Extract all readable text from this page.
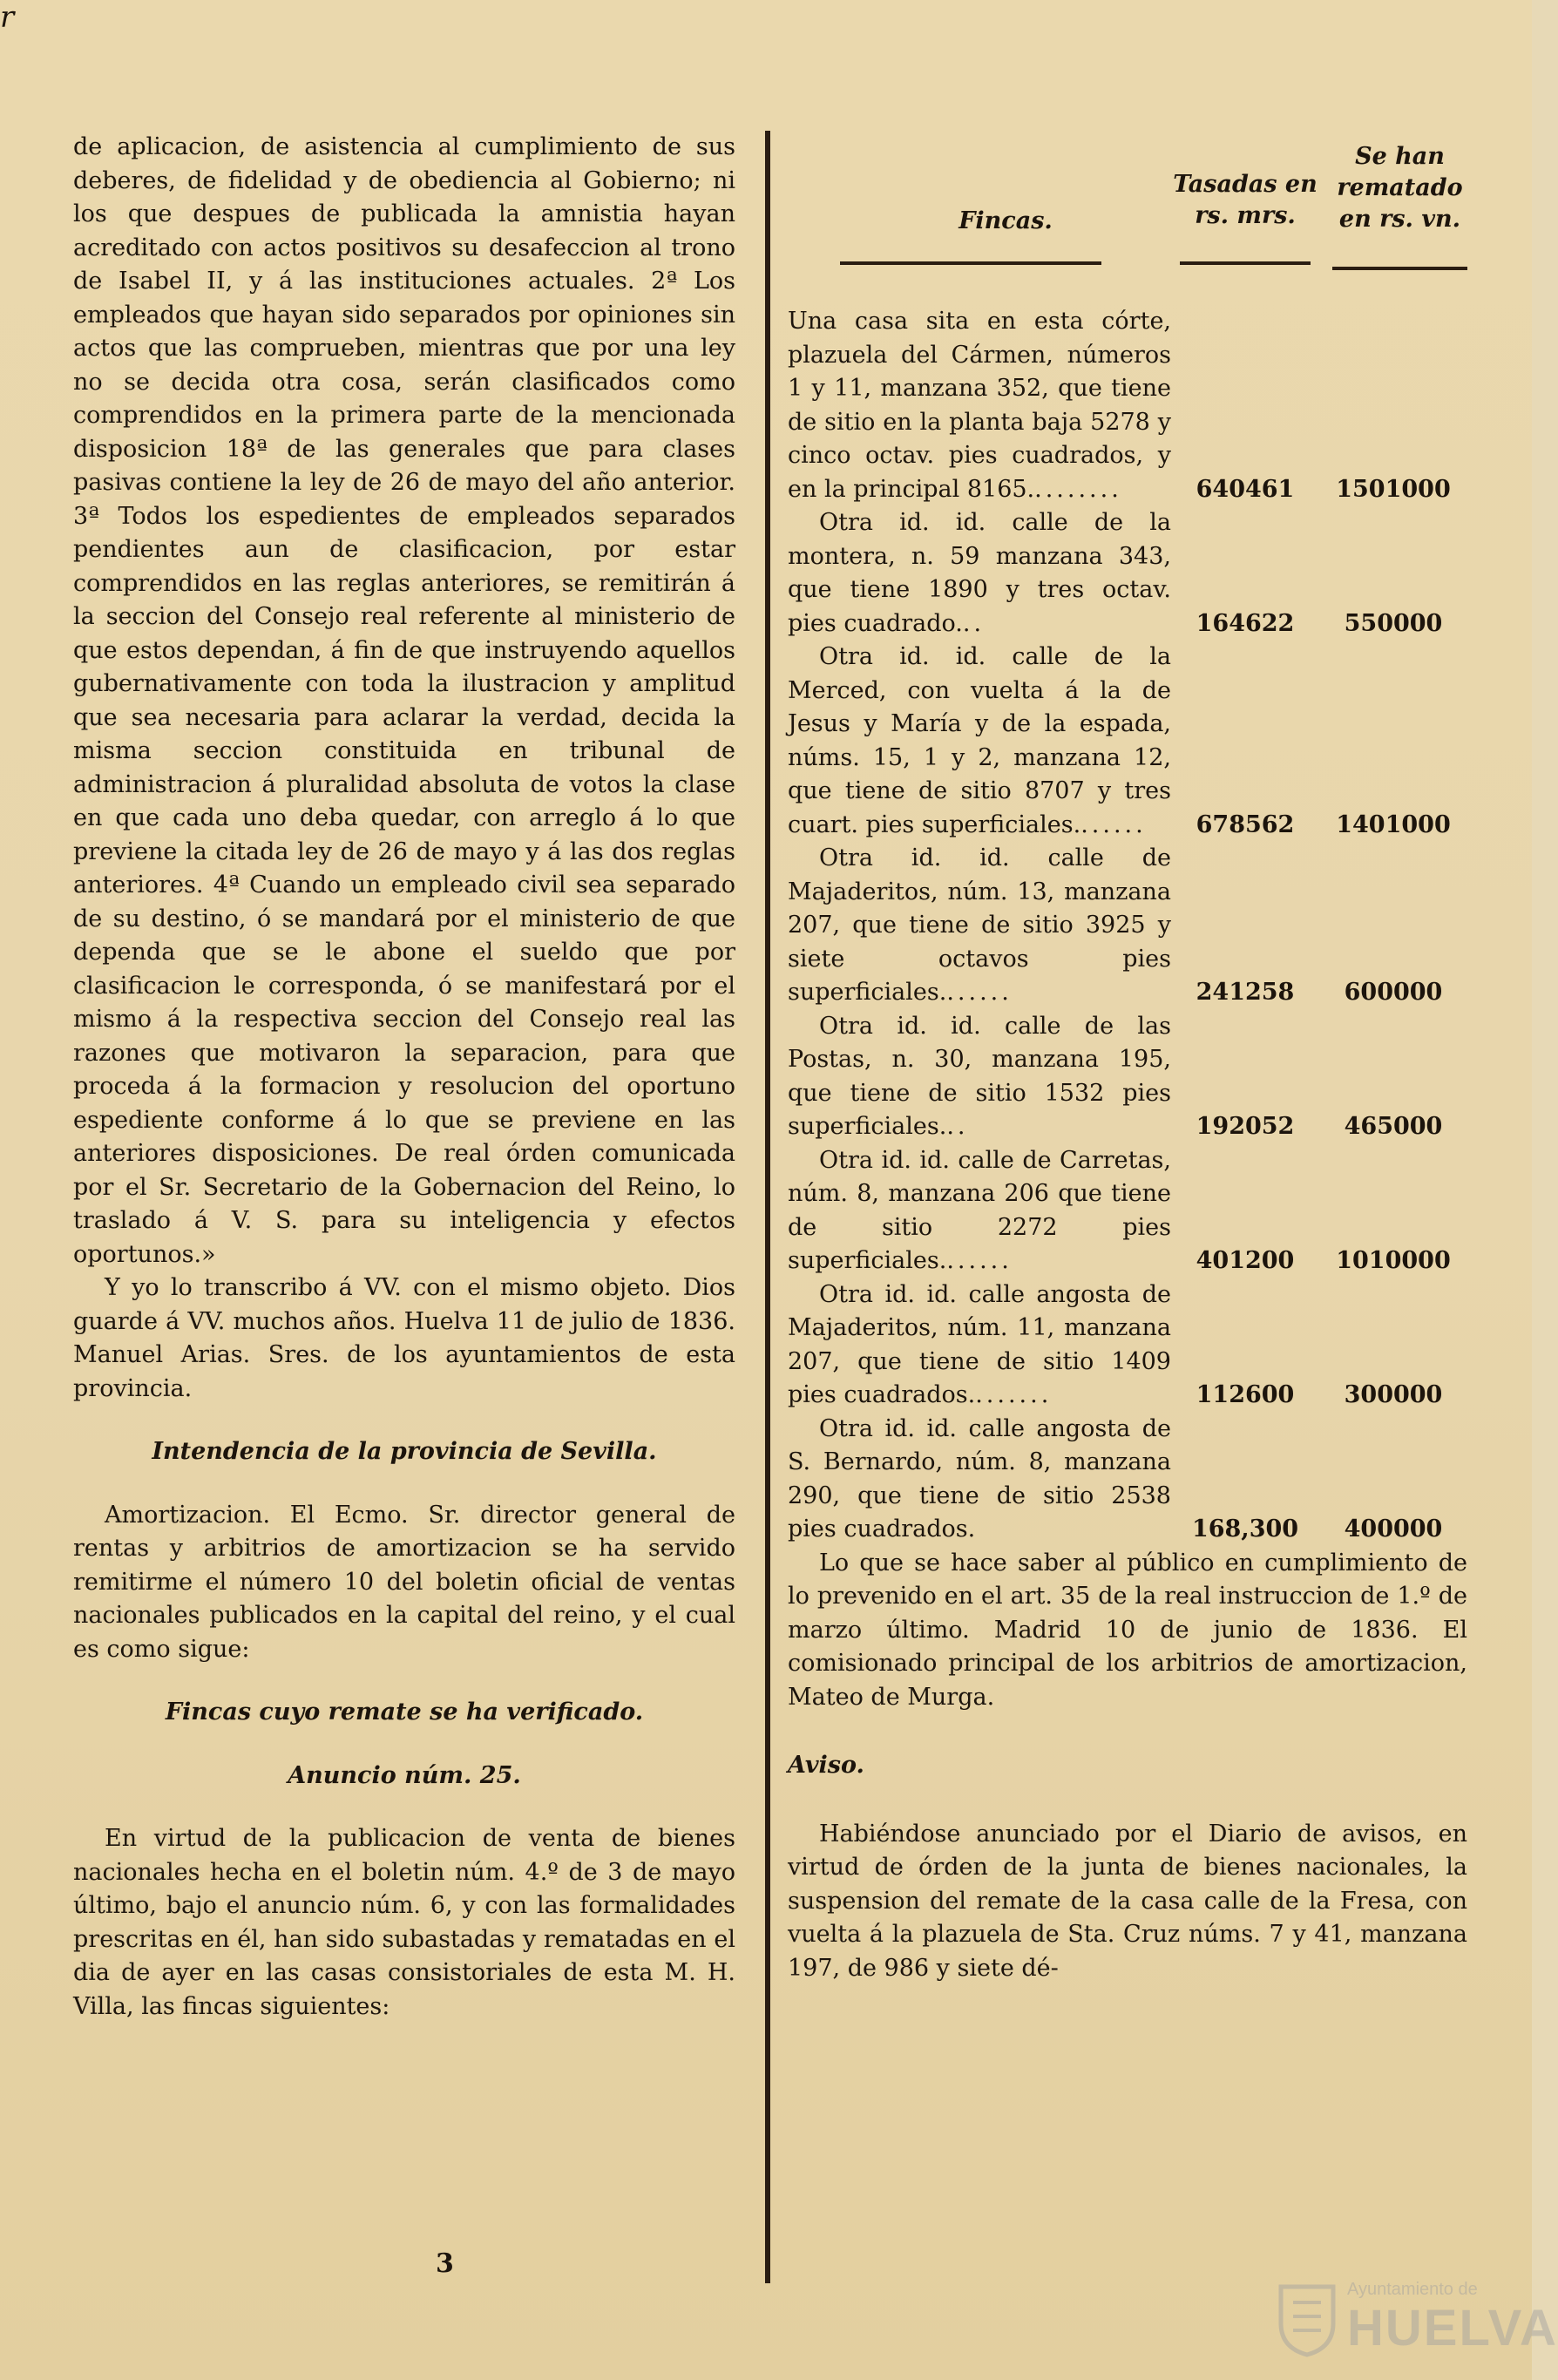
r

de aplicacion, de asistencia al cumplimiento de sus deberes, de fidelidad y de obediencia al Gobierno; ni los que despues de publicada la amnistia hayan acreditado con actos positivos su desafeccion al trono de Isabel II, y á las instituciones actuales. 2ª Los empleados que hayan sido separados por opiniones sin actos que las comprueben, mientras que por una ley no se decida otra cosa, serán clasificados como comprendidos en la primera parte de la mencionada disposicion 18ª de las generales que para clases pasivas contiene la ley de 26 de mayo del año anterior. 3ª Todos los espedientes de empleados separados pendientes aun de clasificacion, por estar comprendidos en las reglas anteriores, se remitirán á la seccion del Consejo real referente al ministerio de que estos dependan, á fin de que instruyendo aquellos gubernativamente con toda la ilustracion y amplitud que sea necesaria para aclarar la verdad, decida la misma seccion constituida en tribunal de administracion á pluralidad absoluta de votos la clase en que cada uno deba quedar, con arreglo á lo que previene la citada ley de 26 de mayo y á las dos reglas anteriores. 4ª Cuando un empleado civil sea separado de su destino, ó se mandará por el ministerio de que dependa que se le abone el sueldo que por clasificacion le corresponda, ó se manifestará por el mismo á la respectiva seccion del Consejo real las razones que motivaron la separacion, para que proceda á la formacion y resolucion del oportuno espediente conforme á lo que se previene en las anteriores disposiciones. De real órden comunicada por el Sr. Secretario de la Gobernacion del Reino, lo traslado á V. S. para su inteligencia y efectos oportunos.»

Y yo lo transcribo á VV. con el mismo objeto. Dios guarde á VV. muchos años. Huelva 11 de julio de 1836. Manuel Arias. Sres. de los ayuntamientos de esta provincia.

Intendencia de la provincia de Sevilla.

Amortizacion. El Ecmo. Sr. director general de rentas y arbitrios de amortizacion se ha servido remitirme el número 10 del boletin oficial de ventas nacionales publicados en la capital del reino, y el cual es como sigue:

Fincas cuyo remate se ha verificado.

Anuncio núm. 25.

En virtud de la publicacion de venta de bienes nacionales hecha en el boletin núm. 4.º de 3 de mayo último, bajo el anuncio núm. 6, y con las formalidades prescritas en él, han sido subastadas y rematadas en el dia de ayer en las casas consistoriales de esta M. H. Villa, las fincas siguientes:

Fincas.
Tasadas en rs. mrs.
Se han rematado en rs. vn.
Una casa sita en esta córte, plazuela del Cármen, números 1 y 11, manzana 352, que tiene de sitio en la planta baja 5278 y cinco octav. pies cuadrados, y en la principal 8165.........	640461	1501000
Otra id. id. calle de la montera, n. 59 manzana 343, que tiene 1890 y tres octav. pies cuadrado...	164622	550000
Otra id. id. calle de la Merced, con vuelta á la de Jesus y María y de la espada, núms. 15, 1 y 2, manzana 12, que tiene de sitio 8707 y tres cuart. pies superficiales.......	678562	1401000
Otra id. id. calle de Majaderitos, núm. 13, manzana 207, que tiene de sitio 3925 y siete octavos pies superficiales.......	241258	600000
Otra id. id. calle de las Postas, n. 30, manzana 195, que tiene de sitio 1532 pies superficiales...	192052	465000
Otra id. id. calle de Carretas, núm. 8, manzana 206 que tiene de sitio 2272 pies superficiales.......	401200	1010000
Otra id. id. calle angosta de Majaderitos, núm. 11, manzana 207, que tiene de sitio 1409 pies cuadrados........	112600	300000
Otra id. id. calle angosta de S. Bernardo, núm. 8, manzana 290, que tiene de sitio 2538 pies cuadrados.	168,300	400000

Lo que se hace saber al público en cumplimiento de lo prevenido en el art. 35 de la real instruccion de 1.º de marzo último. Madrid 10 de junio de 1836. El comisionado principal de los arbitrios de amortizacion, Mateo de Murga.

Aviso.

Habiéndose anunciado por el Diario de avisos, en virtud de órden de la junta de bienes nacionales, la suspension del remate de la casa calle de la Fresa, con vuelta á la plazuela de Sta. Cruz núms. 7 y 41, manzana 197, de 986 y siete dé-

3
Ayuntamiento de
HUELVA
